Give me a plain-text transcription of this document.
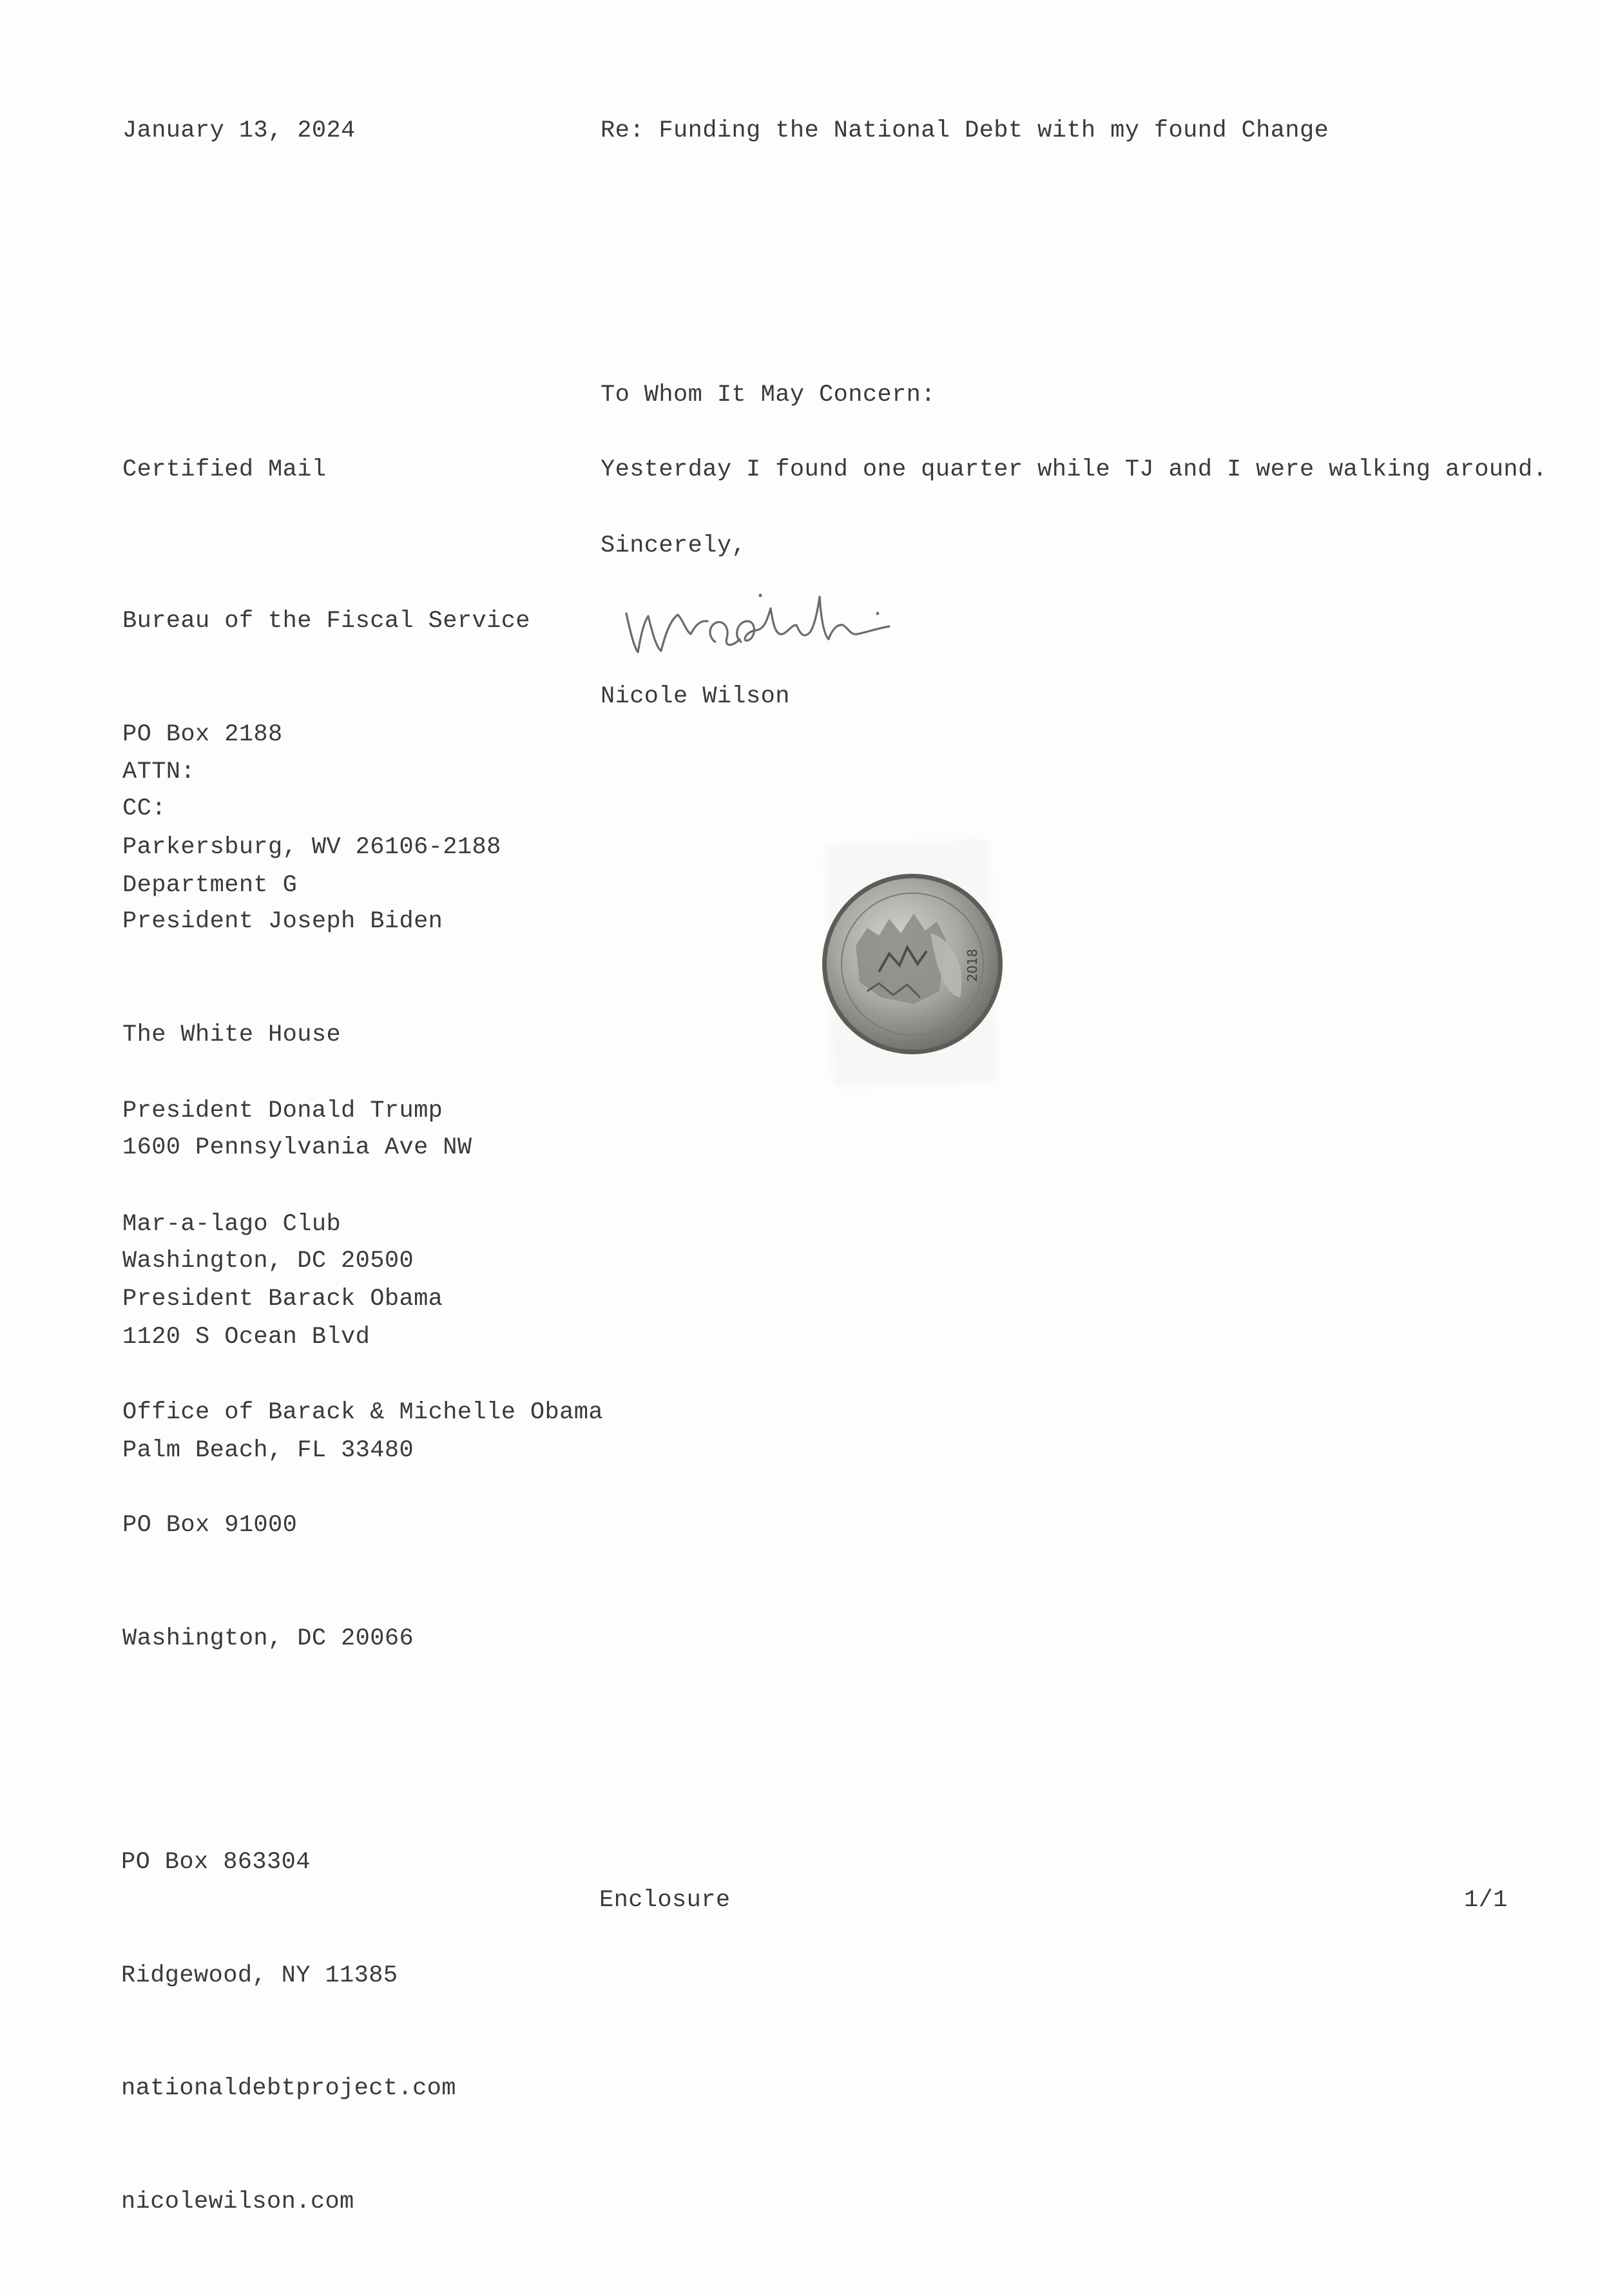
January 13, 2024	Re: Funding the National Debt with my found Change
To Whom It May Concern:
Certified Mail	Yesterday I found one quarter while TJ and I were walking around.

Bureau of the Fiscal Service

PO Box 2188

Parkersburg, WV 26106-2188

Sincerely,

ATTN:

Department G

Nicole Wilson
CC:

President Joseph Biden

The White House

1600 Pennsylvania Ave NW

Washington, DC 20500

President Donald Trump

Mar-a-lago Club

1120 S Ocean Blvd

Palm Beach, FL 33480

President Barack Obama

Office of Barack & Michelle Obama

PO Box 91000

Washington, DC 20066

2018

PO Box 863304

Ridgewood, NY 11385

nationaldebtproject.com

nicolewilson.com

Enclosure	1/1
